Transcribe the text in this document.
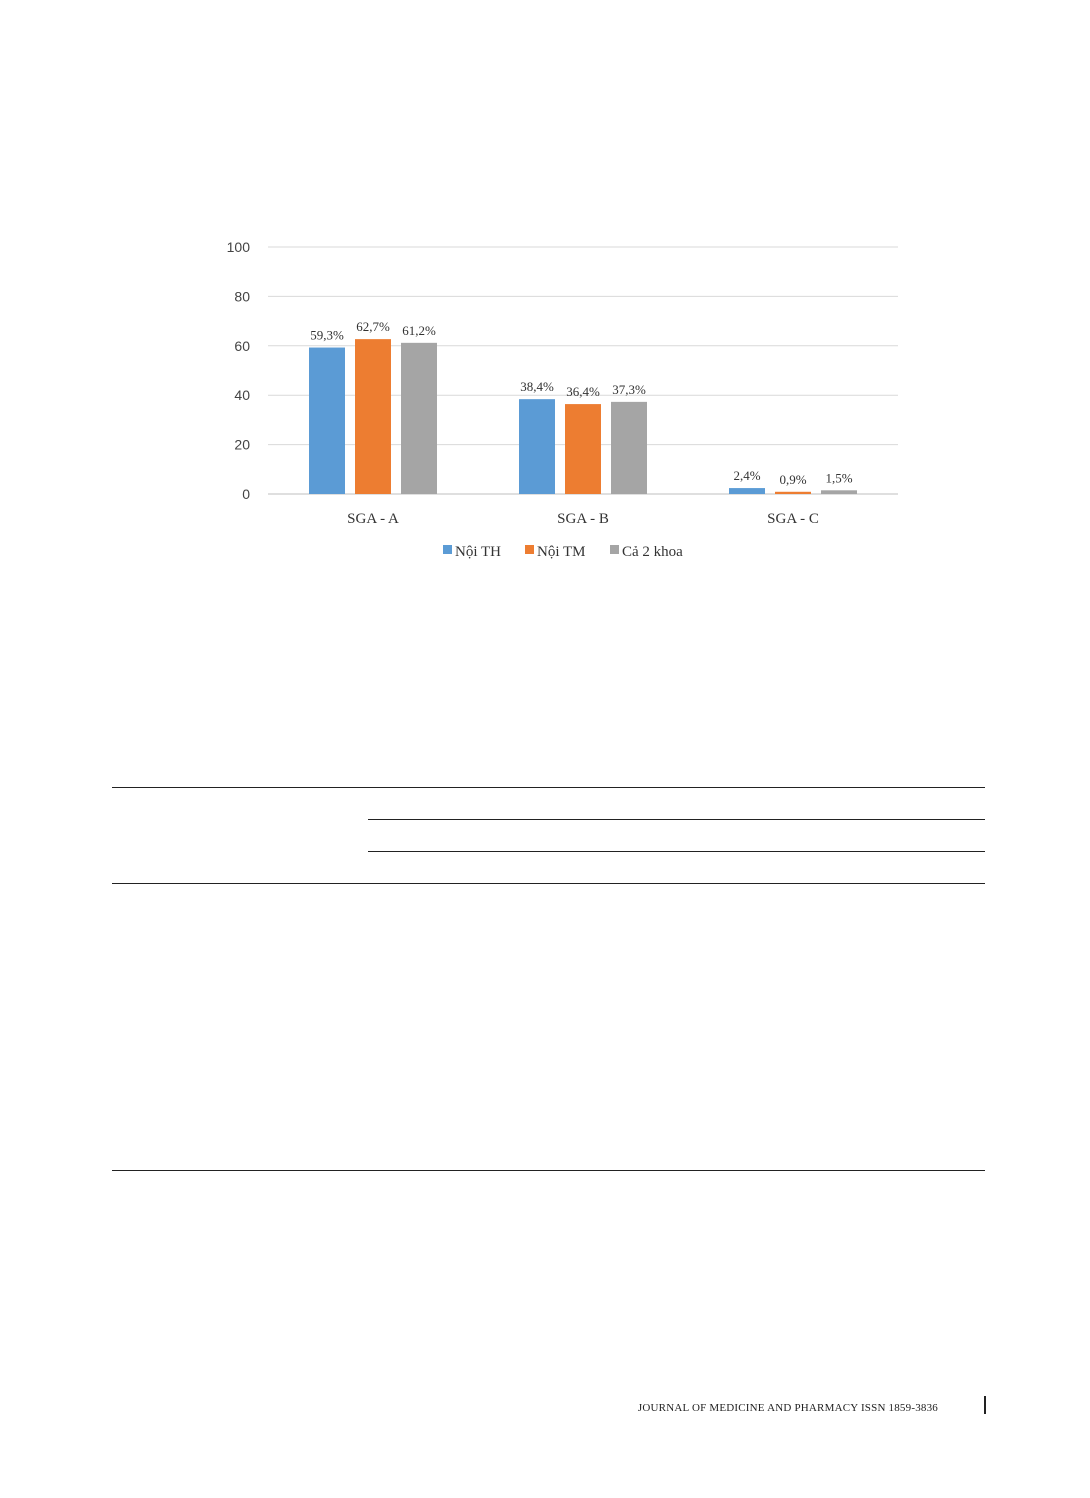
0
20
40
60
80
100
59,3%
62,7% 61,2%
38,4% 36,4% 37,3%
2,4% 0,9% 1,5%
SGA - A	SGA - B	SGA - C
Nội TH Nội TM Cả 2 khoa
JOURNAL OF MEDICINE AND PHARMACY ISSN 1859-3836
